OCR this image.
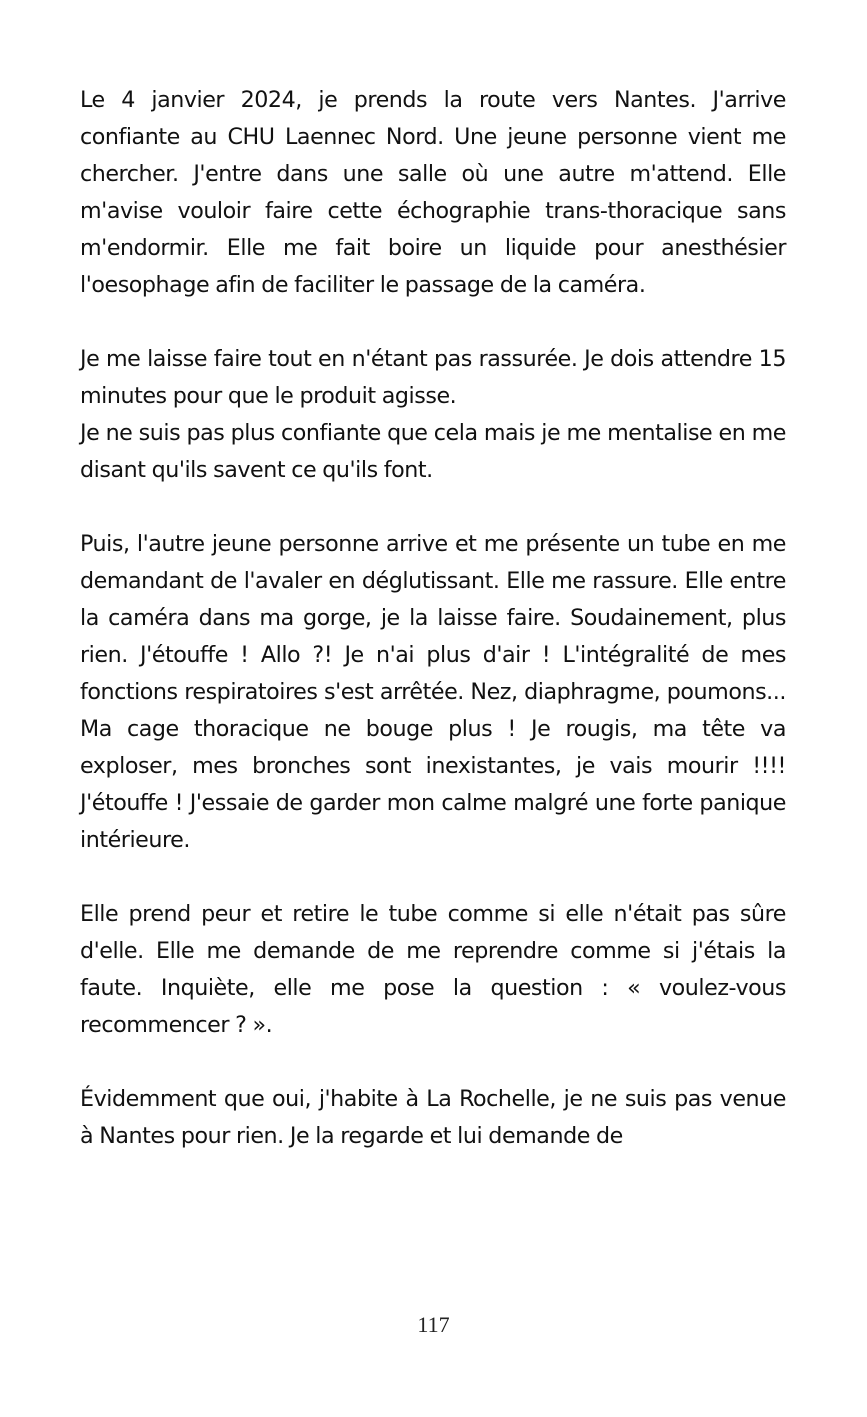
Le 4 janvier 2024, je prends la route vers Nantes. J'arrive confiante au CHU Laennec Nord. Une jeune personne vient me chercher. J'entre dans une salle où une autre m'attend. Elle m'avise vouloir faire cette échographie trans-thoracique sans m'endormir. Elle me fait boire un liquide pour anesthésier l'oesophage afin de faciliter le passage de la caméra.

Je me laisse faire tout en n'étant pas rassurée. Je dois attendre 15 minutes pour que le produit agisse.

Je ne suis pas plus confiante que cela mais je me mentalise en me disant qu'ils savent ce qu'ils font.

Puis, l'autre jeune personne arrive et me présente un tube en me demandant de l'avaler en déglutissant. Elle me rassure. Elle entre la caméra dans ma gorge, je la laisse faire. Soudainement, plus rien. J'étouffe ! Allo ?! Je n'ai plus d'air ! L'intégralité de mes fonctions respiratoires s'est arrêtée. Nez, diaphragme, poumons... Ma cage thoracique ne bouge plus ! Je rougis, ma tête va exploser, mes bronches sont inexistantes, je vais mourir !!!! J'étouffe ! J'essaie de garder mon calme malgré une forte panique intérieure.

Elle prend peur et retire le tube comme si elle n'était pas sûre d'elle. Elle me demande de me reprendre comme si j'étais la faute. Inquiète, elle me pose la question : « voulez-vous recommencer ? ».

Évidemment que oui, j'habite à La Rochelle, je ne suis pas venue à Nantes pour rien. Je la regarde et lui demande de

117
